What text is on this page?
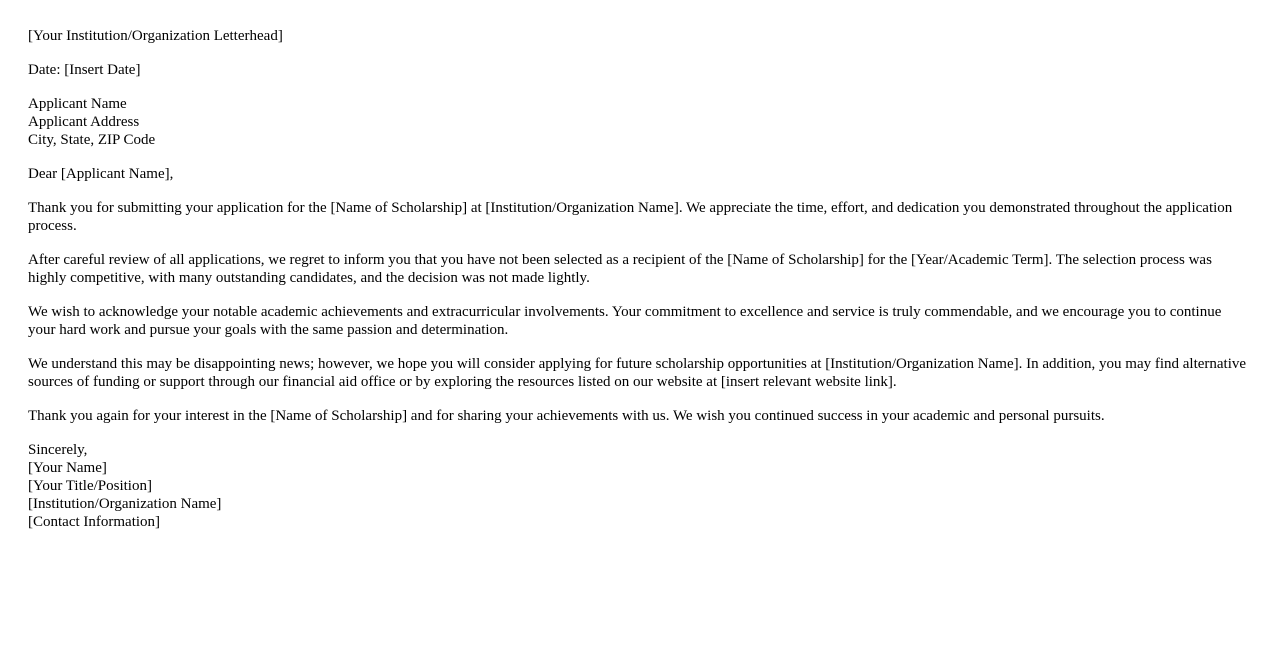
[Your Institution/Organization Letterhead]

Date: [Insert Date]

Applicant Name
Applicant Address
City, State, ZIP Code

Dear [Applicant Name],

Thank you for submitting your application for the [Name of Scholarship] at [Institution/Organization Name]. We appreciate the time, effort, and dedication you demonstrated throughout the application process.

After careful review of all applications, we regret to inform you that you have not been selected as a recipient of the [Name of Scholarship] for the [Year/Academic Term]. The selection process was highly competitive, with many outstanding candidates, and the decision was not made lightly.

We wish to acknowledge your notable academic achievements and extracurricular involvements. Your commitment to excellence and service is truly commendable, and we encourage you to continue your hard work and pursue your goals with the same passion and determination.

We understand this may be disappointing news; however, we hope you will consider applying for future scholarship opportunities at [Institution/Organization Name]. In addition, you may find alternative sources of funding or support through our financial aid office or by exploring the resources listed on our website at [insert relevant website link].

Thank you again for your interest in the [Name of Scholarship] and for sharing your achievements with us. We wish you continued success in your academic and personal pursuits.

Sincerely,
[Your Name]
[Your Title/Position]
[Institution/Organization Name]
[Contact Information]
